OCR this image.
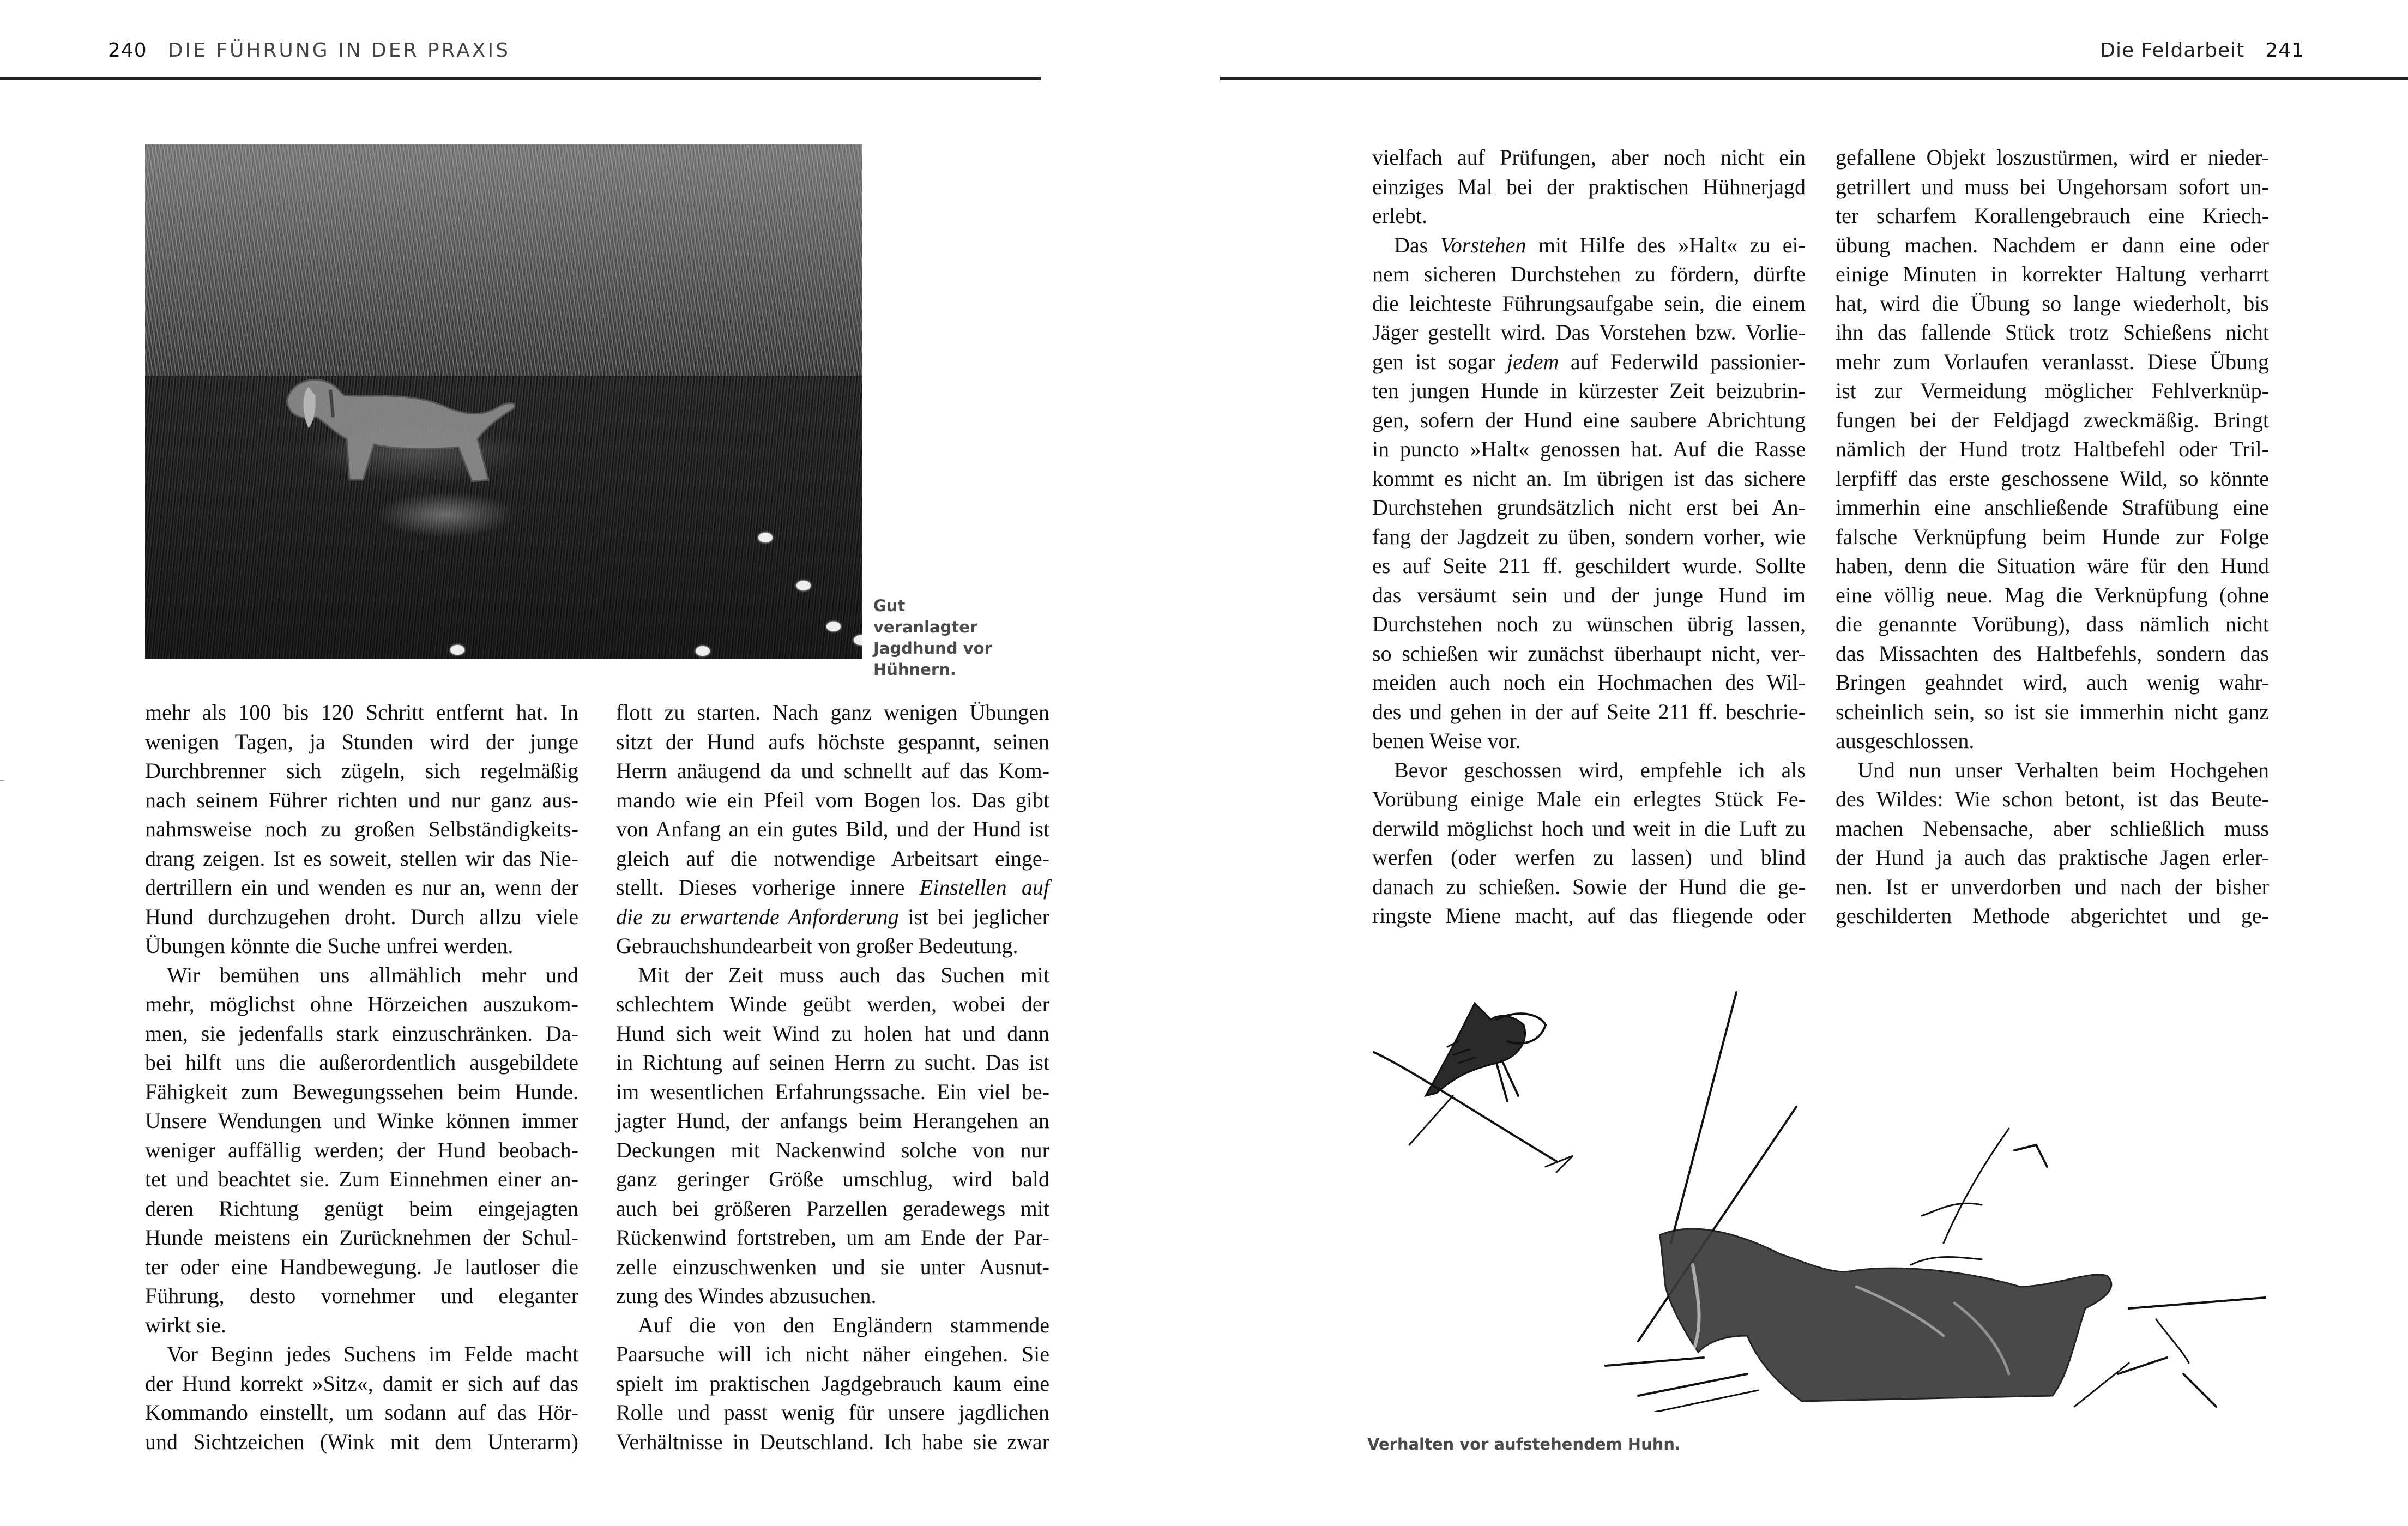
240 DIE FÜHRUNG IN DER PRAXIS
Gut veranlagter
Jagdhund vor
Hühnern.
mehr als 100 bis 120 Schritt entfernt hat. In
wenigen Tagen, ja Stunden wird der junge
Durchbrenner sich zügeln, sich regelmäßig
nach seinem Führer richten und nur ganz aus-
nahmsweise noch zu großen Selbständigkeits-
drang zeigen. Ist es soweit, stellen wir das Nie-
dertrillern ein und wenden es nur an, wenn der
Hund durchzugehen droht. Durch allzu viele
Übungen könnte die Suche unfrei werden.
Wir bemühen uns allmählich mehr und
mehr, möglichst ohne Hörzeichen auszukom-
men, sie jedenfalls stark einzuschränken. Da-
bei hilft uns die außerordentlich ausgebildete
Fähigkeit zum Bewegungssehen beim Hunde.
Unsere Wendungen und Winke können immer
weniger auffällig werden; der Hund beobach-
tet und beachtet sie. Zum Einnehmen einer an-
deren Richtung genügt beim eingejagten
Hunde meistens ein Zurücknehmen der Schul-
ter oder eine Handbewegung. Je lautloser die
Führung, desto vornehmer und eleganter
wirkt sie.
Vor Beginn jedes Suchens im Felde macht
der Hund korrekt »Sitz«, damit er sich auf das
Kommando einstellt, um sodann auf das Hör-
und Sichtzeichen (Wink mit dem Unterarm)
flott zu starten. Nach ganz wenigen Übungen
sitzt der Hund aufs höchste gespannt, seinen
Herrn anäugend da und schnellt auf das Kom-
mando wie ein Pfeil vom Bogen los. Das gibt
von Anfang an ein gutes Bild, und der Hund ist
gleich auf die notwendige Arbeitsart einge-
stellt. Dieses vorherige innere Einstellen auf
die zu erwartende Anforderung ist bei jeglicher
Gebrauchshundearbeit von großer Bedeutung.
Mit der Zeit muss auch das Suchen mit
schlechtem Winde geübt werden, wobei der
Hund sich weit Wind zu holen hat und dann
in Richtung auf seinen Herrn zu sucht. Das ist
im wesentlichen Erfahrungssache. Ein viel be-
jagter Hund, der anfangs beim Herangehen an
Deckungen mit Nackenwind solche von nur
ganz geringer Größe umschlug, wird bald
auch bei größeren Parzellen geradewegs mit
Rückenwind fortstreben, um am Ende der Par-
zelle einzuschwenken und sie unter Ausnut-
zung des Windes abzusuchen.
Auf die von den Engländern stammende
Paarsuche will ich nicht näher eingehen. Sie
spielt im praktischen Jagdgebrauch kaum eine
Rolle und passt wenig für unsere jagdlichen
Verhältnisse in Deutschland. Ich habe sie zwar
Die Feldarbeit 241
vielfach auf Prüfungen, aber noch nicht ein
einziges Mal bei der praktischen Hühnerjagd
erlebt.
Das Vorstehen mit Hilfe des »Halt« zu ei-
nem sicheren Durchstehen zu fördern, dürfte
die leichteste Führungsaufgabe sein, die einem
Jäger gestellt wird. Das Vorstehen bzw. Vorlie-
gen ist sogar jedem auf Federwild passionier-
ten jungen Hunde in kürzester Zeit beizubrin-
gen, sofern der Hund eine saubere Abrichtung
in puncto »Halt« genossen hat. Auf die Rasse
kommt es nicht an. Im übrigen ist das sichere
Durchstehen grundsätzlich nicht erst bei An-
fang der Jagdzeit zu üben, sondern vorher, wie
es auf Seite 211 ff. geschildert wurde. Sollte
das versäumt sein und der junge Hund im
Durchstehen noch zu wünschen übrig lassen,
so schießen wir zunächst überhaupt nicht, ver-
meiden auch noch ein Hochmachen des Wil-
des und gehen in der auf Seite 211 ff. beschrie-
benen Weise vor.
Bevor geschossen wird, empfehle ich als
Vorübung einige Male ein erlegtes Stück Fe-
derwild möglichst hoch und weit in die Luft zu
werfen (oder werfen zu lassen) und blind
danach zu schießen. Sowie der Hund die ge-
ringste Miene macht, auf das fliegende oder
gefallene Objekt loszustürmen, wird er nieder-
getrillert und muss bei Ungehorsam sofort un-
ter scharfem Korallengebrauch eine Kriech-
übung machen. Nachdem er dann eine oder
einige Minuten in korrekter Haltung verharrt
hat, wird die Übung so lange wiederholt, bis
ihn das fallende Stück trotz Schießens nicht
mehr zum Vorlaufen veranlasst. Diese Übung
ist zur Vermeidung möglicher Fehlverknüp-
fungen bei der Feldjagd zweckmäßig. Bringt
nämlich der Hund trotz Haltbefehl oder Tril-
lerpfiff das erste geschossene Wild, so könnte
immerhin eine anschließende Strafübung eine
falsche Verknüpfung beim Hunde zur Folge
haben, denn die Situation wäre für den Hund
eine völlig neue. Mag die Verknüpfung (ohne
die genannte Vorübung), dass nämlich nicht
das Missachten des Haltbefehls, sondern das
Bringen geahndet wird, auch wenig wahr-
scheinlich sein, so ist sie immerhin nicht ganz
ausgeschlossen.
Und nun unser Verhalten beim Hochgehen
des Wildes: Wie schon betont, ist das Beute-
machen Nebensache, aber schließlich muss
der Hund ja auch das praktische Jagen erler-
nen. Ist er unverdorben und nach der bisher
geschilderten Methode abgerichtet und ge-
Verhalten vor aufstehendem Huhn.
